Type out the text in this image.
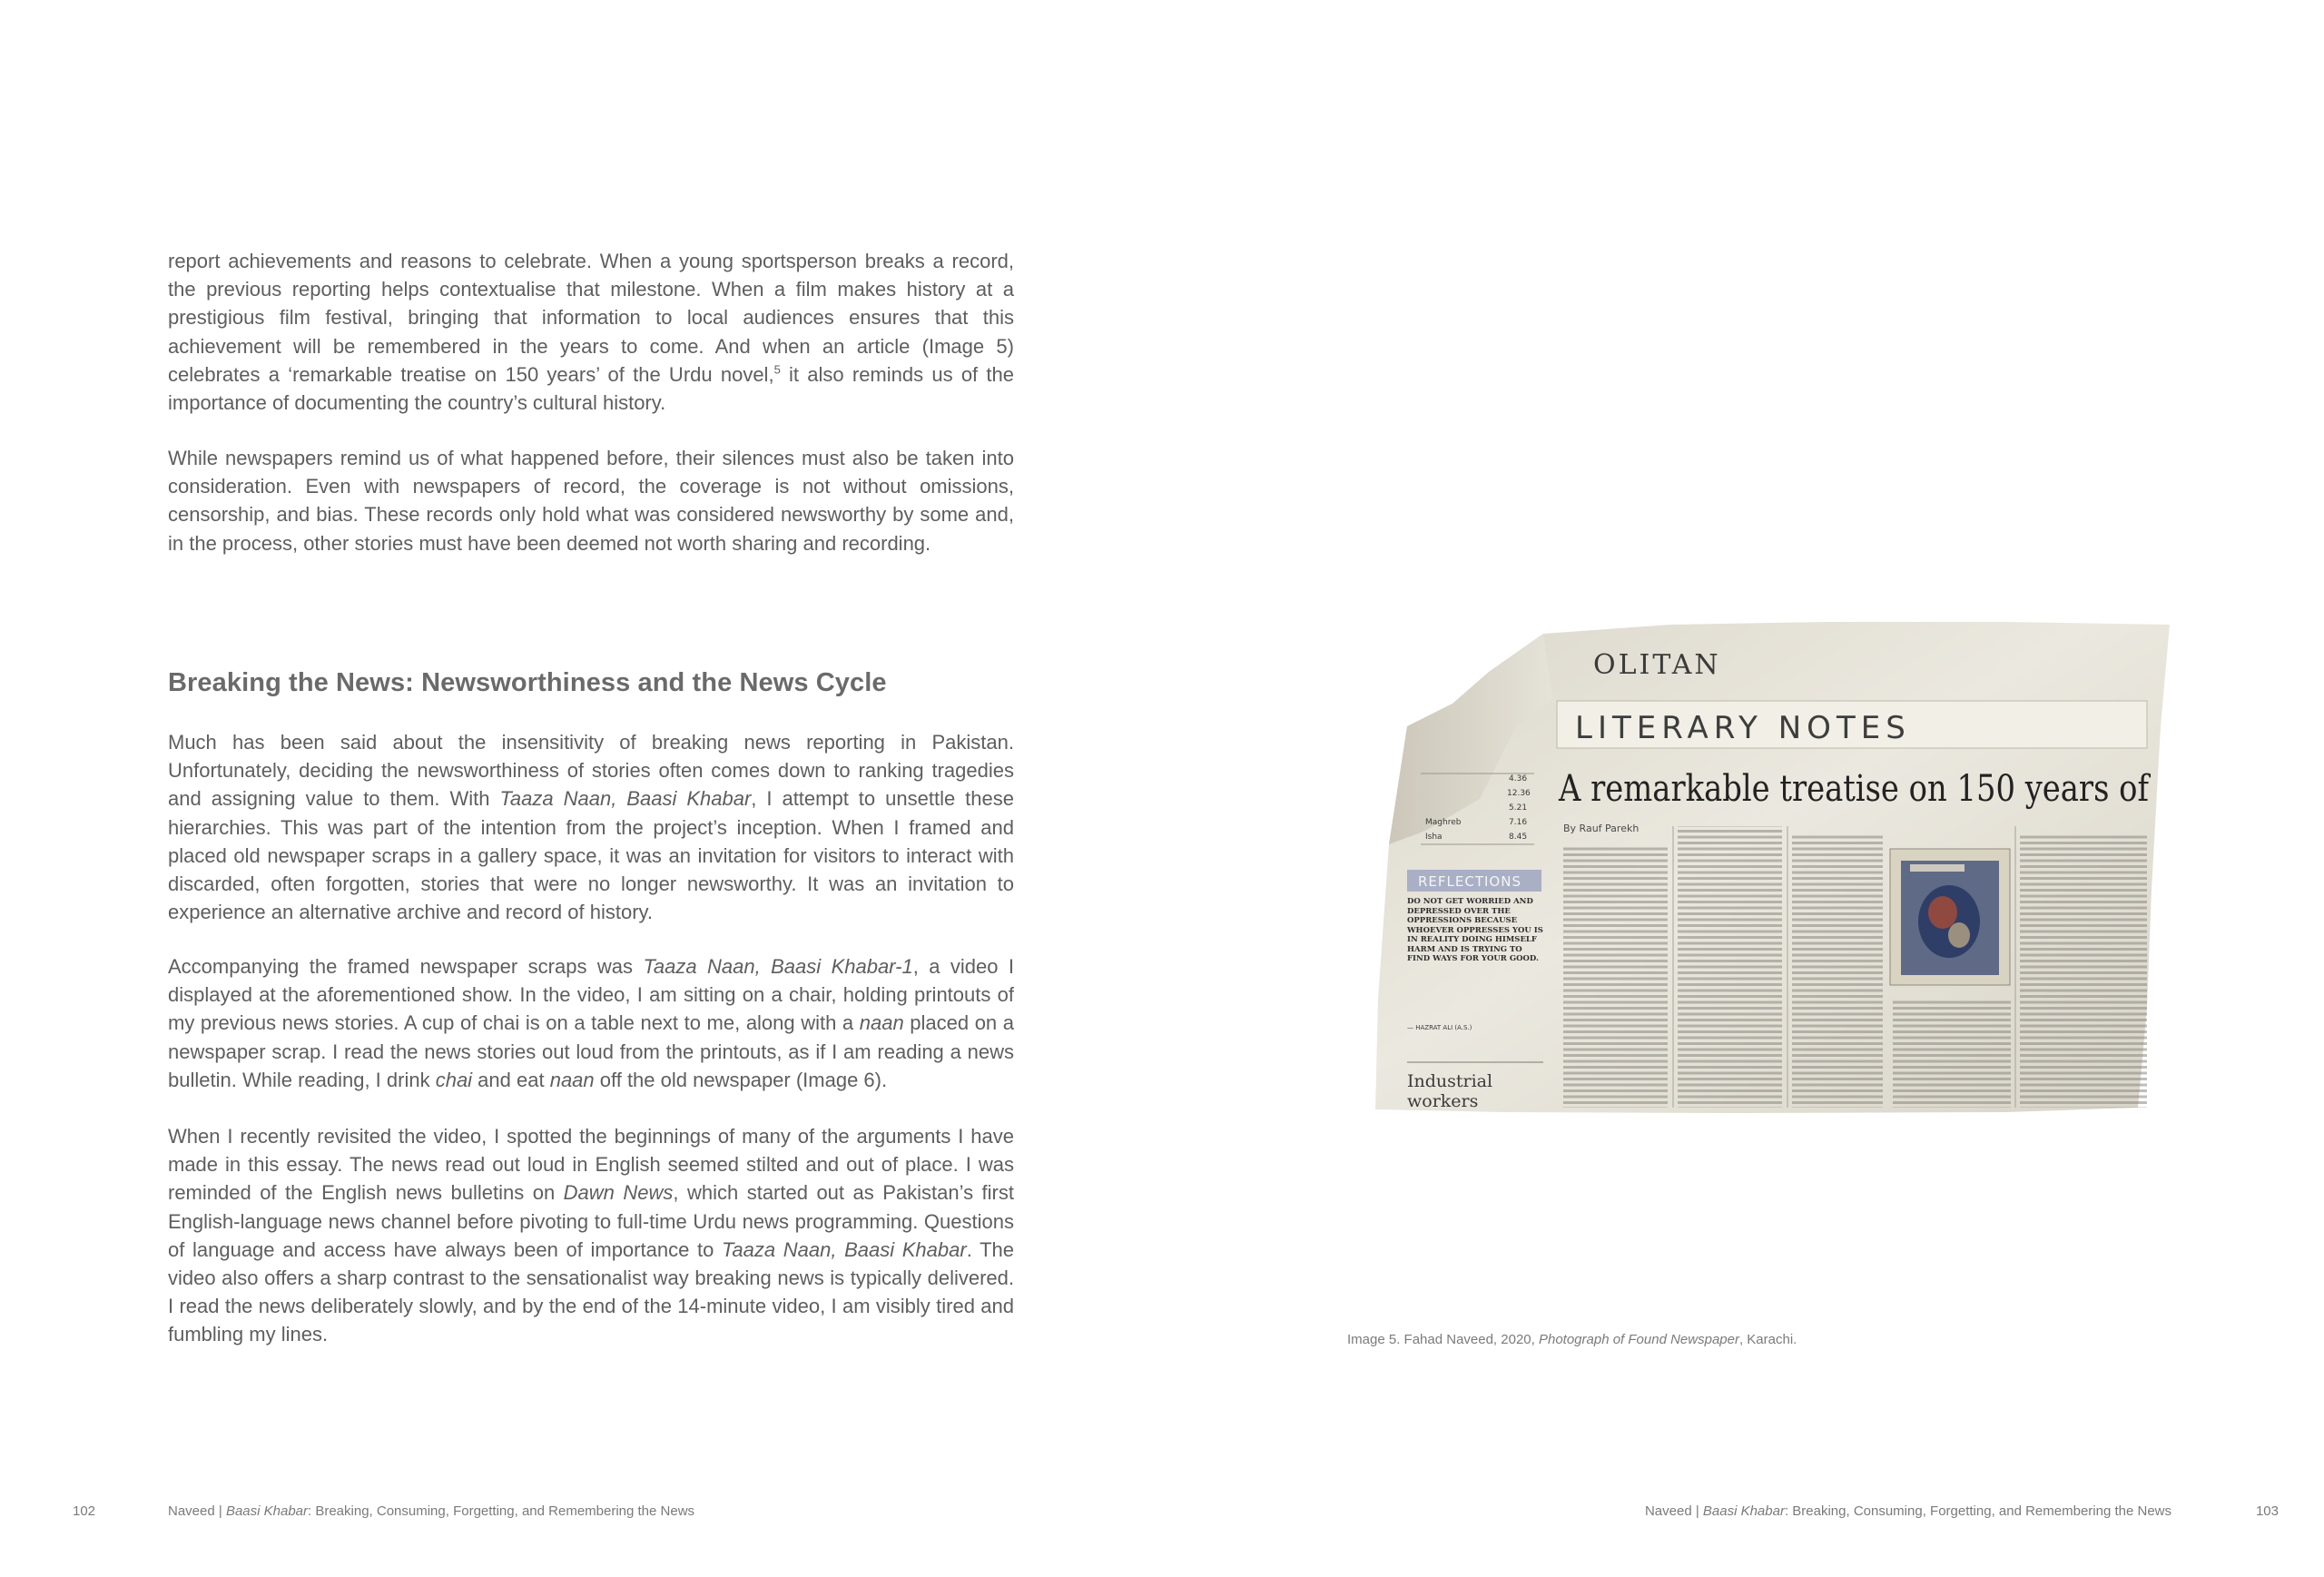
report achievements and reasons to celebrate. When a young sportsperson breaks a record, the previous reporting helps contextualise that milestone. When a film makes history at a prestigious film festival, bringing that information to local audiences ensures that this achievement will be remembered in the years to come. And when an article (Image 5) celebrates a ‘remarkable treatise on 150 years’ of the Urdu novel,$^5$ it also reminds us of the importance of documenting the country’s cultural history.

While newspapers remind us of what happened before, their silences must also be taken into consideration. Even with newspapers of record, the coverage is not without omissions, censorship, and bias. These records only hold what was considered newsworthy by some and, in the process, other stories must have been deemed not worth sharing and recording.

Breaking the News: Newsworthiness and the News Cycle

Much has been said about the insensitivity of breaking news reporting in Pakistan. Unfortunately, deciding the newsworthiness of stories often comes down to ranking tragedies and assigning value to them. With Taaza Naan, Baasi Khabar, I attempt to unsettle these hierarchies. This was part of the intention from the project’s inception. When I framed and placed old newspaper scraps in a gallery space, it was an invitation for visitors to interact with discarded, often forgotten, stories that were no longer newsworthy. It was an invitation to experience an alternative archive and record of history.

Accompanying the framed newspaper scraps was Taaza Naan, Baasi Khabar-1, a video I displayed at the aforementioned show. In the video, I am sitting on a chair, holding printouts of my previous news stories. A cup of chai is on a table next to me, along with a naan placed on a newspaper scrap. I read the news stories out loud from the printouts, as if I am reading a news bulletin. While reading, I drink chai and eat naan off the old newspaper (Image 6).

When I recently revisited the video, I spotted the beginnings of many of the arguments I have made in this essay. The news read out loud in English seemed stilted and out of place. I was reminded of the English news bulletins on Dawn News, which started out as Pakistan’s first English-language news channel before pivoting to full-time Urdu news programming. Questions of language and access have always been of importance to Taaza Naan, Baasi Khabar. The video also offers a sharp contrast to the sensationalist way breaking news is typically delivered. I read the news deliberately slowly, and by the end of the 14-minute video, I am visibly tired and fumbling my lines.

102	Naveed | Baasi Khabar: Breaking, Consuming, Forgetting, and Remembering the News	Naveed | Baasi Khabar: Breaking, Consuming, Forgetting, and Remembering the News	103
OLITAN
LITERARY NOTES
A remarkable treatise on 150 years of
By Rauf Parekh
4.36
12.36
5.21
Maghreb	7.16
Isha	8.45
REFLECTIONS
DO NOT GET WORRIED AND DEPRESSED OVER THE OPPRESSIONS BECAUSE WHOEVER OPPRESSES YOU IS IN REALITY DOING HIMSELF HARM AND IS TRYING TO FIND WAYS FOR YOUR GOOD.
— HAZRAT ALI (A.S.)
Industrial workers

Image 5. Fahad Naveed, 2020, Photograph of Found Newspaper, Karachi.
